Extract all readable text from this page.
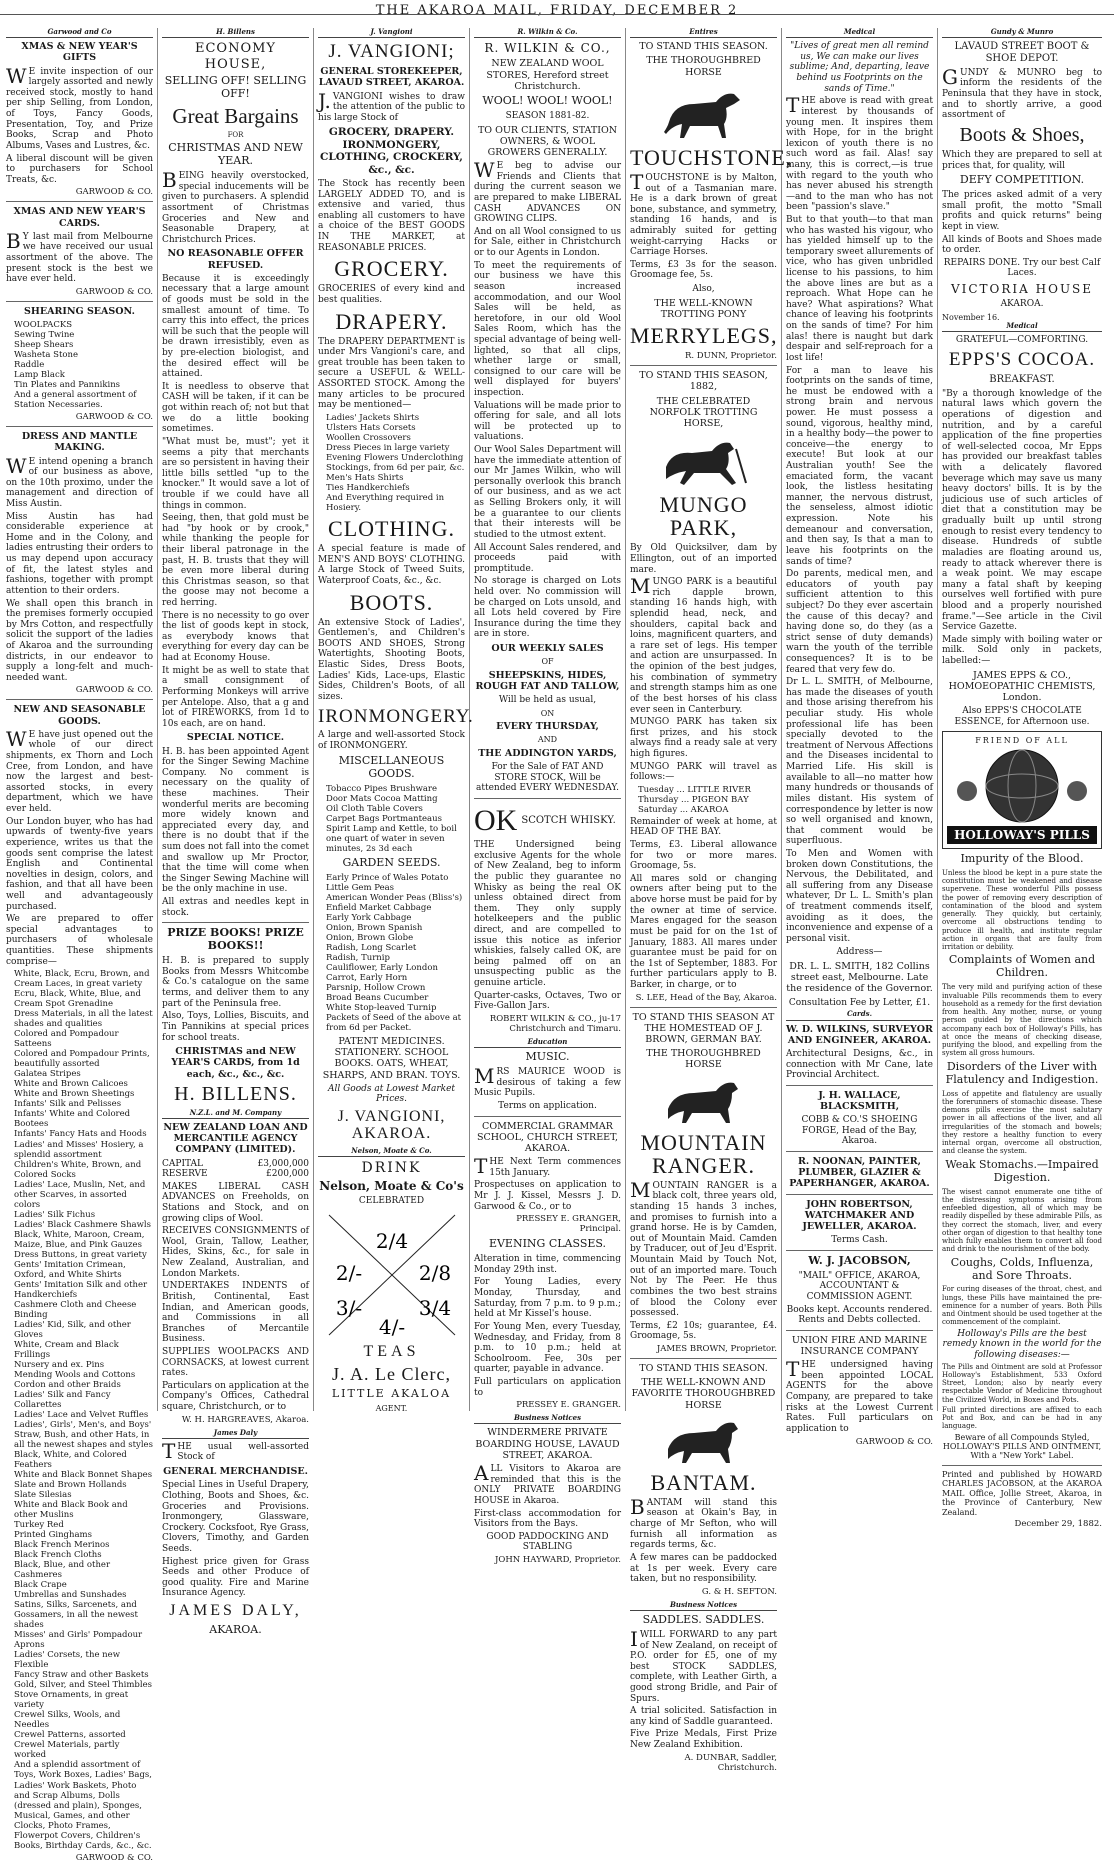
THE AKAROA MAIL, FRIDAY, DECEMBER 2
Garwood and Co
XMAS & NEW YEAR'S GIFTS

WE invite inspection of our largely assorted and newly received stock, mostly to hand per ship Selling, from London, of Toys, Fancy Goods, Presentation, Toy, and Prize Books, Scrap and Photo Albums, Vases and Lustres, &c.

A liberal discount will be given to purchasers for School Treats, &c.

GARWOOD & CO.
XMAS AND NEW YEAR'S CARDS.

BY last mail from Melbourne we have received our usual assortment of the above. The present stock is the best we have ever held.

GARWOOD & CO.
SHEARING SEASON.
WOOLPACKS
Sewing Twine
Sheep Shears
Washeta Stone
Raddle
Lamp Black
Tin Plates and Pannikins
And a general assortment of Station Necessaries.
GARWOOD & CO.
DRESS AND MANTLE MAKING.

WE intend opening a branch of our business as above, on the 10th proximo, under the management and direction of Miss Austin.

Miss Austin has had considerable experience at Home and in the Colony, and ladies entrusting their orders to us may depend upon accuracy of fit, the latest styles and fashions, together with prompt attention to their orders.

We shall open this branch in the premises formerly occupied by Mrs Cotton, and respectfully solicit the support of the ladies of Akaroa and the surrounding districts, in our endeavor to supply a long-felt and much-needed want.

GARWOOD & CO.
NEW AND SEASONABLE GOODS.

WE have just opened out the whole of our direct shipments, ex Thorn and Loch Cree, from London, and have now the largest and best-assorted stocks, in every department, which we have ever held.

Our London buyer, who has had upwards of twenty-five years experience, writes us that the goods sent comprise the latest English and Continental novelties in design, colors, and fashion, and that all have been well and advantageously purchased.

We are prepared to offer special advantages to purchasers of wholesale quantities. These shipments comprise—

White, Black, Ecru, Brown, and Cream Laces, in great variety
Ecru, Black, White, Blue, and Cream Spot Grenadine
Dress Materials, in all the latest shades and qualities
Colored and Pompadour Satteens
Colored and Pompadour Prints, beautifully assorted
Galatea Stripes
White and Brown Calicoes
White and Brown Sheetings
Infants' Silk and Pelisses
Infants' White and Colored Bootees
Infants' Fancy Hats and Hoods
Ladies' and Misses' Hosiery, a splendid assortment
Children's White, Brown, and Colored Socks
Ladies' Lace, Muslin, Net, and other Scarves, in assorted colors
Ladies' Silk Fichus
Ladies' Black Cashmere Shawls
Black, White, Maroon, Cream, Maize, Blue, and Pink Gauzes
Dress Buttons, in great variety
Gents' Imitation Crimean, Oxford, and White Shirts
Gents' Imitation Silk and other Handkerchiefs
Cashmere Cloth and Cheese Binding
Ladies' Kid, Silk, and other Gloves
White, Cream and Black Frillings
Nursery and ex. Pins
Mending Wools and Cottons
Cordon and other Braids
Ladies' Silk and Fancy Collarettes
Ladies' Lace and Velvet Ruffles
Ladies', Girls', Men's, and Boys' Straw, Bush, and other Hats, in all the newest shapes and styles
Black, White, and Colored Feathers
White and Black Bonnet Shapes
Slate and Brown Hollands
Slate Silesias
White and Black Book and other Muslins
Turkey Red
Printed Ginghams
Black French Merinos
Black French Cloths
Black, Blue, and other Cashmeres
Black Crape
Umbrellas and Sunshades
Satins, Silks, Sarcenets, and Gossamers, in all the newest shades
Misses' and Girls' Pompadour Aprons
Ladies' Corsets, the new Flexible
Fancy Straw and other Baskets
Gold, Silver, and Steel Thimbles
Stove Ornaments, in great variety
Crewel Silks, Wools, and Needles
Crewel Patterns, assorted
Crewel Materials, partly worked
And a splendid assortment of Toys, Work Boxes, Ladies' Bags, Ladies' Work Baskets, Photo and Scrap Albums, Dolls (dressed and plain), Sponges, Musical, Games, and other Clocks, Photo Frames, Flowerpot Covers, Children's Books, Birthday Cards, &c., &c.
GARWOOD & CO.
H. Billens
ECONOMY HOUSE,
SELLING OFF! SELLING OFF!
Great Bargains
FOR
CHRISTMAS AND NEW YEAR.

BEING heavily overstocked, special inducements will be given to purchasers. A splendid assortment of Christmas Groceries and New and Seasonable Drapery, at Christchurch Prices.

NO REASONABLE OFFER REFUSED.

Because it is exceedingly necessary that a large amount of goods must be sold in the smallest amount of time. To carry this into effect, the prices will be such that the people will be drawn irresistibly, even as by pre-election biologist, and the desired effect will be attained.

It is needless to observe that CASH will be taken, if it can be got within reach of; not but that we do a little booking sometimes.

"What must be, must"; yet it seems a pity that merchants are so persistent in having their little bills settled "up to the knocker." It would save a lot of trouble if we could have all things in common.

Seeing, then, that gold must be had "by hook or by crook," while thanking the people for their liberal patronage in the past, H. B. trusts that they will be even more liberal during this Christmas season, so that the goose may not become a red herring.

There is no necessity to go over the list of goods kept in stock, as everybody knows that everything for every day can be had at Economy House.

It might be as well to state that a small consignment of Performing Monkeys will arrive per Antelope. Also, that a g and lot of FIREWORKS, from 1d to 10s each, are on hand.

SPECIAL NOTICE.

H. B. has been appointed Agent for the Singer Sewing Machine Company. No comment is necessary on the quality of these machines. Their wonderful merits are becoming more widely known and appreciated every day, and there is no doubt that if the sum does not fall into the comet and swallow up Mr Proctor, that the time will come when the Singer Sewing Machine will be the only machine in use.

All extras and needles kept in stock.

PRIZE BOOKS! PRIZE BOOKS!!

H. B. is prepared to supply Books from Messrs Whitcombe & Co.'s catalogue on the same terms, and deliver them to any part of the Peninsula free.

Also, Toys, Lollies, Biscuits, and Tin Pannikins at special prices for school treats.

CHRISTMAS and NEW YEAR'S CARDS, from 1d each, &c., &c., &c.
H. BILLENS.
N.Z.L. and M. Company
NEW ZEALAND LOAN AND MERCANTILE AGENCY COMPANY (LIMITED).
CAPITAL	£3,000,000
RESERVE	£200,000

MAKES LIBERAL CASH ADVANCES on Freeholds, on Stations and Stock, and on growing clips of Wool.

RECEIVES CONSIGNMENTS of Wool, Grain, Tallow, Leather, Hides, Skins, &c., for sale in New Zealand, Australian, and London Markets.

UNDERTAKES INDENTS of British, Continental, East Indian, and American goods, and Commissions in all Branches of Mercantile Business.

SUPPLIES WOOLPACKS AND CORNSACKS, at lowest current rates.

Particulars on application at the Company's Offices, Cathedral square, Christchurch, or to

W. H. HARGREAVES, Akaroa.
James Daly

THE usual well-assorted Stock of

GENERAL MERCHANDISE.

Special Lines in Useful Drapery, Clothing, Boots and Shoes, &c. Groceries and Provisions. Ironmongery, Glassware, Crockery. Cocksfoot, Rye Grass, Clovers, Timothy, and Garden Seeds.

Highest price given for Grass Seeds and other Produce of good quality. Fire and Marine Insurance Agency.

JAMES DALY,
AKAROA.
J. Vangioni
J. VANGIONI;
GENERAL STOREKEEPER, LAVAUD STREET, AKAROA.

J.VANGIONI wishes to draw the attention of the public to his large Stock of

GROCERY, DRAPERY. IRONMONGERY, CLOTHING, CROCKERY, &c., &c.

The Stock has recently been LARGELY ADDED TO, and is extensive and varied, thus enabling all customers to have a choice of the BEST GOODS IN THE MARKET, at REASONABLE PRICES.

GROCERY.

GROCERIES of every kind and best qualities.

DRAPERY.

The DRAPERY DEPARTMENT is under Mrs Vangioni's care, and great trouble has been taken to secure a USEFUL & WELL-ASSORTED STOCK. Among the many articles to be procured may be mentioned—

Ladies' Jackets Shirts
Ulsters Hats Corsets
Woollen Crossovers
Dress Pieces in large variety
Evening Flowers Underclothing
Stockings, from 6d per pair, &c.
Men's Hats Shirts
Ties Handkerchiefs
And Everything required in Hosiery.
CLOTHING.

A special feature is made of MEN'S AND BOYS' CLOTHING. A large Stock of Tweed Suits, Waterproof Coats, &c., &c.

BOOTS.

An extensive Stock of Ladies', Gentlemen's, and Children's BOOTS AND SHOES, Strong Watertights, Shooting Boots, Elastic Sides, Dress Boots, Ladies' Kids, Lace-ups, Elastic Sides, Children's Boots, of all sizes.

IRONMONGERY.

A large and well-assorted Stock of IRONMONGERY.

MISCELLANEOUS GOODS.
Tobacco Pipes Brushware
Door Mats Cocoa Matting
Oil Cloth Table Covers
Carpet Bags Portmanteaus
Spirit Lamp and Kettle, to boil one quart of water in seven minutes, 2s 3d each
GARDEN SEEDS.
Early Prince of Wales Potato
Little Gem Peas
American Wonder Peas (Bliss's)
Enfield Market Cabbage
Early York Cabbage
Onion, Brown Spanish
Onion, Brown Globe
Radish, Long Scarlet
Radish, Turnip
Cauliflower, Early London
Carrot, Early Horn
Parsnip, Hollow Crown
Broad Beans Cucumber
White Stop-leaved Turnip
Packets of Seed of the above at from 6d per Packet.
PATENT MEDICINES. STATIONERY. SCHOOL BOOKS. OATS, WHEAT, SHARPS, AND BRAN. TOYS.

All Goods at Lowest Market Prices.

J. VANGIONI, AKAROA.
Nelson, Moate & Co.
DRINK
Nelson, Moate & Co's
CELEBRATED
2/4
2/-	2/8
3/-	3/4
4/-
TEAS
J. A. Le Clerc,
LITTLE AKALOA
AGENT.
R. Wilkin & Co.
R. WILKIN & CO.,
NEW ZEALAND WOOL STORES, Hereford street Christchurch.
WOOL! WOOL! WOOL!
SEASON 1881-82.
TO OUR CLIENTS, STATION OWNERS, & WOOL GROWERS GENERALLY.

WE beg to advise our Friends and Clients that during the current season we are prepared to make LIBERAL CASH ADVANCES ON GROWING CLIPS.

And on all Wool consigned to us for Sale, either in Christchurch or to our Agents in London.

To meet the requirements of our business we have this season increased accommodation, and our Wool Sales will be held, as heretofore, in our old Wool Sales Room, which has the special advantage of being well-lighted, so that all clips, whether large or small, consigned to our care will be well displayed for buyers' inspection.

Valuations will be made prior to offering for sale, and all lots will be protected up to valuations.

Our Wool Sales Department will have the immediate attention of our Mr James Wilkin, who will personally overlook this branch of our business, and as we act as Selling Brokers only, it will be a guarantee to our clients that their interests will be studied to the utmost extent.

All Account Sales rendered, and proceeds paid with promptitude.

No storage is charged on Lots held over. No commission will be charged on Lots unsold, and all Lots held covered by Fire Insurance during the time they are in store.

OUR WEEKLY SALES
OF
SHEEPSKINS, HIDES, ROUGH FAT AND TALLOW,
Will be held as usual,
ON
EVERY THURSDAY,
AND
THE ADDINGTON YARDS,
For the Sale of FAT AND STORE STOCK, Will be attended EVERY WEDNESDAY.
OK SCOTCH WHISKY.

THE Undersigned being exclusive Agents for the whole of New Zealand, beg to inform the public they guarantee no Whisky as being the real OK unless obtained direct from them. They only supply hotelkeepers and the public direct, and are compelled to issue this notice as inferior whiskies, falsely called OK, are being palmed off on an unsuspecting public as the genuine article.

Quarter-casks, Octaves, Two or Five-Gallon Jars.

ROBERT WILKIN & CO., ju-17 Christchurch and Timaru.
Education
MUSIC.

MRS MAURICE WOOD is desirous of taking a few Music Pupils.

Terms on application.

COMMERCIAL GRAMMAR SCHOOL, CHURCH STREET, AKAROA.

THE Next Term commences 15th January.

Prospectuses on application to Mr J. J. Kissel, Messrs J. D. Garwood & Co., or to

PRESSEY E. GRANGER, Principal.
EVENING CLASSES.

Alteration in time, commencing Monday 29th inst.

For Young Ladies, every Monday, Thursday, and Saturday, from 7 p.m. to 9 p.m.; held at Mr Kissel's house.

For Young Men, every Tuesday, Wednesday, and Friday, from 8 p.m. to 10 p.m.; held at Schoolroom. Fee, 30s per quarter, payable in advance.

Full particulars on application to

PRESSEY E. GRANGER.
Business Notices
WINDERMERE PRIVATE BOARDING HOUSE, LAVAUD STREET, AKAROA.

ALL Visitors to Akaroa are reminded that this is the ONLY PRIVATE BOARDING HOUSE in Akaroa.

First-class accommodation for Visitors from the Bays.

GOOD PADDOCKING AND STABLING

JOHN HAYWARD, Proprietor.
Entires
TO STAND THIS SEASON.
THE THOROUGHBRED HORSE
TOUCHSTONE,

TOUCHSTONE is by Malton, out of a Tasmanian mare. He is a dark brown of great bone, substance, and symmetry, standing 16 hands, and is admirably suited for getting weight-carrying Hacks or Carriage Horses.

Terms, £3 3s for the season. Groomage fee, 5s.

Also,
THE WELL-KNOWN TROTTING PONY
MERRYLEGS,
R. DUNN, Proprietor.
TO STAND THIS SEASON, 1882,
THE CELEBRATED NORFOLK TROTTING HORSE,
MUNGO PARK,

By Old Quicksilver, dam by Ellington, out of an imported mare.

MUNGO PARK is a beautiful rich dapple brown, standing 16 hands high, with splendid head, neck, and shoulders, capital back and loins, magnificent quarters, and a rare set of legs. His temper and action are unsurpassed. In the opinion of the best judges, his combination of symmetry and strength stamps him as one of the best horses of his class ever seen in Canterbury.

MUNGO PARK has taken six first prizes, and his stock always find a ready sale at very high figures.

MUNGO PARK will travel as follows:—

Tuesday ... LITTLE RIVER
Thursday ... PIGEON BAY
Saturday ... AKAROA

Remainder of week at home, at HEAD OF THE BAY.

Terms, £3. Liberal allowance for two or more mares. Groomage, 5s.

All mares sold or changing owners after being put to the above horse must be paid for by the owner at time of service. Mares engaged for the season must be paid for on the 1st of January, 1883. All mares under guarantee must be paid for on the 1st of September, 1883. For further particulars apply to B. Barker, in charge, or to

S. LEE, Head of the Bay, Akaroa.
TO STAND THIS SEASON AT THE HOMESTEAD OF J. BROWN, GERMAN BAY.
THE THOROUGHBRED HORSE
MOUNTAIN RANGER.

MOUNTAIN RANGER is a black colt, three years old, standing 15 hands 3 inches, and promises to furnish into a grand horse. He is by Camden, out of Mountain Maid. Camden by Traducer, out of Jeu d'Esprit. Mountain Maid by Touch Not, out of an imported mare. Touch Not by The Peer. He thus combines the two best strains of blood the Colony ever possessed.

Terms, £2 10s; guarantee, £4. Groomage, 5s.

JAMES BROWN, Proprietor.
TO STAND THIS SEASON.
THE WELL-KNOWN AND FAVORITE THOROUGHBRED HORSE
BANTAM.

BANTAM will stand this season at Okain's Bay, in charge of Mr Sefton, who will furnish all information as regards terms, &c.

A few mares can be paddocked at 1s per week. Every care taken, but no responsibility.

G. & H. SEFTON.
Business Notices
SADDLES. SADDLES.

IWILL FORWARD to any part of New Zealand, on receipt of P.O. order for £5, one of my best STOCK SADDLES, complete, with Leather Girth, a good strong Bridle, and Pair of Spurs.

A trial solicited. Satisfaction in any kind of Saddle guaranteed.

Five Prize Medals, First Prize New Zealand Exhibition.

A. DUNBAR, Saddler, Christchurch.
Medical

"Lives of great men all remind us, We can make our lives sublime; And, departing, leave behind us Footprints on the sands of Time."

THE above is read with great interest by thousands of young men. It inspires them with Hope, for in the bright lexicon of youth there is no such word as fail. Alas! say many, this is correct,—is true with regard to the youth who has never abused his strength —and to the man who has not been "passion's slave."

But to that youth—to that man who has wasted his vigour, who has yielded himself up to the temporary sweet allurements of vice, who has given unbridled license to his passions, to him the above lines are but as a reproach. What Hope can he have? What aspirations? What chance of leaving his footprints on the sands of time? For him alas! there is naught but dark despair and self-reproach for a lost life!

For a man to leave his footprints on the sands of time, he must be endowed with a strong brain and nervous power. He must possess a sound, vigorous, healthy mind, in a healthy body—the power to conceive—the energy to execute! But look at our Australian youth! See the emaciated form, the vacant look, the listless hesitating manner, the nervous distrust, the senseless, almost idiotic expression. Note his demeanour and conversation, and then say, Is that a man to leave his footprints on the sands of time?

Do parents, medical men, and educators of youth pay sufficient attention to this subject? Do they ever ascertain the cause of this decay? and having done so, do they (as a strict sense of duty demands) warn the youth of the terrible consequences? It is to be feared that very few do.

Dr L. L. SMITH, of Melbourne, has made the diseases of youth and those arising therefrom his peculiar study. His whole professional life has been specially devoted to the treatment of Nervous Affections and the Diseases incidental to Married Life. His skill is available to all—no matter how many hundreds or thousands of miles distant. His system of correspondence by letter is now so well organised and known, that comment would be superfluous.

To Men and Women with broken down Constitutions, the Nervous, the Debilitated, and all suffering from any Disease whatever, Dr L. L. Smith's plan of treatment commends itself, avoiding as it does, the inconvenience and expense of a personal visit.

Address—
DR. L. L. SMITH, 182 Collins street east, Melbourne. Late the residence of the Governor.

Consultation Fee by Letter, £1.

Cards.
W. D. WILKINS, SURVEYOR AND ENGINEER, AKAROA.

Architectural Designs, &c., in connection with Mr Cane, late Provincial Architect.

J. H. WALLACE, BLACKSMITH,

COBB & CO.'S SHOEING FORGE, Head of the Bay, Akaroa.

R. NOONAN, PAINTER, PLUMBER, GLAZIER & PAPERHANGER, AKAROA.
JOHN ROBERTSON, WATCHMAKER AND JEWELLER, AKAROA.

Terms Cash.

W. J. JACOBSON,

"MAIL" OFFICE, AKAROA, ACCOUNTANT & COMMISSION AGENT.

Books kept. Accounts rendered. Rents and Debts collected.

UNION FIRE AND MARINE INSURANCE COMPANY

THE undersigned having been appointed LOCAL AGENTS for the above Company, are prepared to take risks at the Lowest Current Rates. Full particulars on application to

GARWOOD & CO.
Gundy & Munro
LAVAUD STREET BOOT & SHOE DEPOT.

GUNDY & MUNRO beg to inform the residents of the Peninsula that they have in stock, and to shortly arrive, a good assortment of

Boots & Shoes,

Which they are prepared to sell at prices that, for quality, will

DEFY COMPETITION.

The prices asked admit of a very small profit, the motto "Small profits and quick returns" being kept in view.

All kinds of Boots and Shoes made to order.

REPAIRS DONE. Try our best Calf Laces.

VICTORIA HOUSE
AKAROA.
November 16.
Medical
GRATEFUL—COMFORTING.
EPPS'S COCOA.
BREAKFAST.

"By a thorough knowledge of the natural laws which govern the operations of digestion and nutrition, and by a careful application of the fine properties of well-selected cocoa, Mr Epps has provided our breakfast tables with a delicately flavored beverage which may save us many heavy doctors' bills. It is by the judicious use of such articles of diet that a constitution may be gradually built up until strong enough to resist every tendency to disease. Hundreds of subtle maladies are floating around us, ready to attack wherever there is a weak point. We may escape many a fatal shaft by keeping ourselves well fortified with pure blood and a properly nourished frame."—See article in the Civil Service Gazette.

Made simply with boiling water or milk. Sold only in packets, labelled:—

JAMES EPPS & CO., HOMOEOPATHIC CHEMISTS, London.

Also EPPS'S CHOCOLATE ESSENCE, for Afternoon use.

FRIEND OF ALL
HOLLOWAY'S PILLS
Impurity of the Blood.

Unless the blood be kept in a pure state the constitution must be weakened and disease supervene. These wonderful Pills possess the power of removing every description of contamination of the blood and system generally. They quickly, but certainly, overcome all obstructions tending to produce ill health, and institute regular action in organs that are faulty from irritation or debility.

Complaints of Women and Children.

The very mild and purifying action of these invaluable Pills recommends them to every household as a remedy for the first deviation from health. Any mother, nurse, or young person guided by the directions which accompany each box of Holloway's Pills, has at once the means of checking disease, purifying the blood, and expelling from the system all gross humours.

Disorders of the Liver with Flatulency and Indigestion.

Loss of appetite and flatulency are usually the forerunners of stomachic disease. These demons pills exercise the most salutary power in all affections of the liver, and all irregularities of the stomach and bowels; they restore a healthy function to every internal organ, overcome all obstruction, and cleanse the system.

Weak Stomachs.—Impaired Digestion.

The wisest cannot enumerate one tithe of the distressing symptoms arising from enfeebled digestion, all of which may be readily dispelled by these admirable Pills, as they correct the stomach, liver, and every other organ of digestion to that healthy tone which fully enables them to convert all food and drink to the nourishment of the body.

Coughs, Colds, Influenza, and Sore Throats.

For curing diseases of the throat, chest, and lungs, these Pills have maintained the pre-eminence for a number of years. Both Pills and Ointment should be used together at the commencement of the complaint.

Holloway's Pills are the best remedy known in the world for the following diseases:—

The Pills and Ointment are sold at Professor Holloway's Establishment, 533 Oxford Street, London; also by nearly every respectable Vendor of Medicine throughout the Civilized World, in Boxes and Pots.

Full printed directions are affixed to each Pot and Box, and can be had in any language.

Beware of all Compounds Styled, HOLLOWAY'S PILLS AND OINTMENT, With a "New York" Label.

Printed and published by HOWARD CHARLES JACOBSON, at the AKAROA MAIL Office, Jollie Street, Akaroa, in the Province of Canterbury, New Zealand.

December 29, 1882.
